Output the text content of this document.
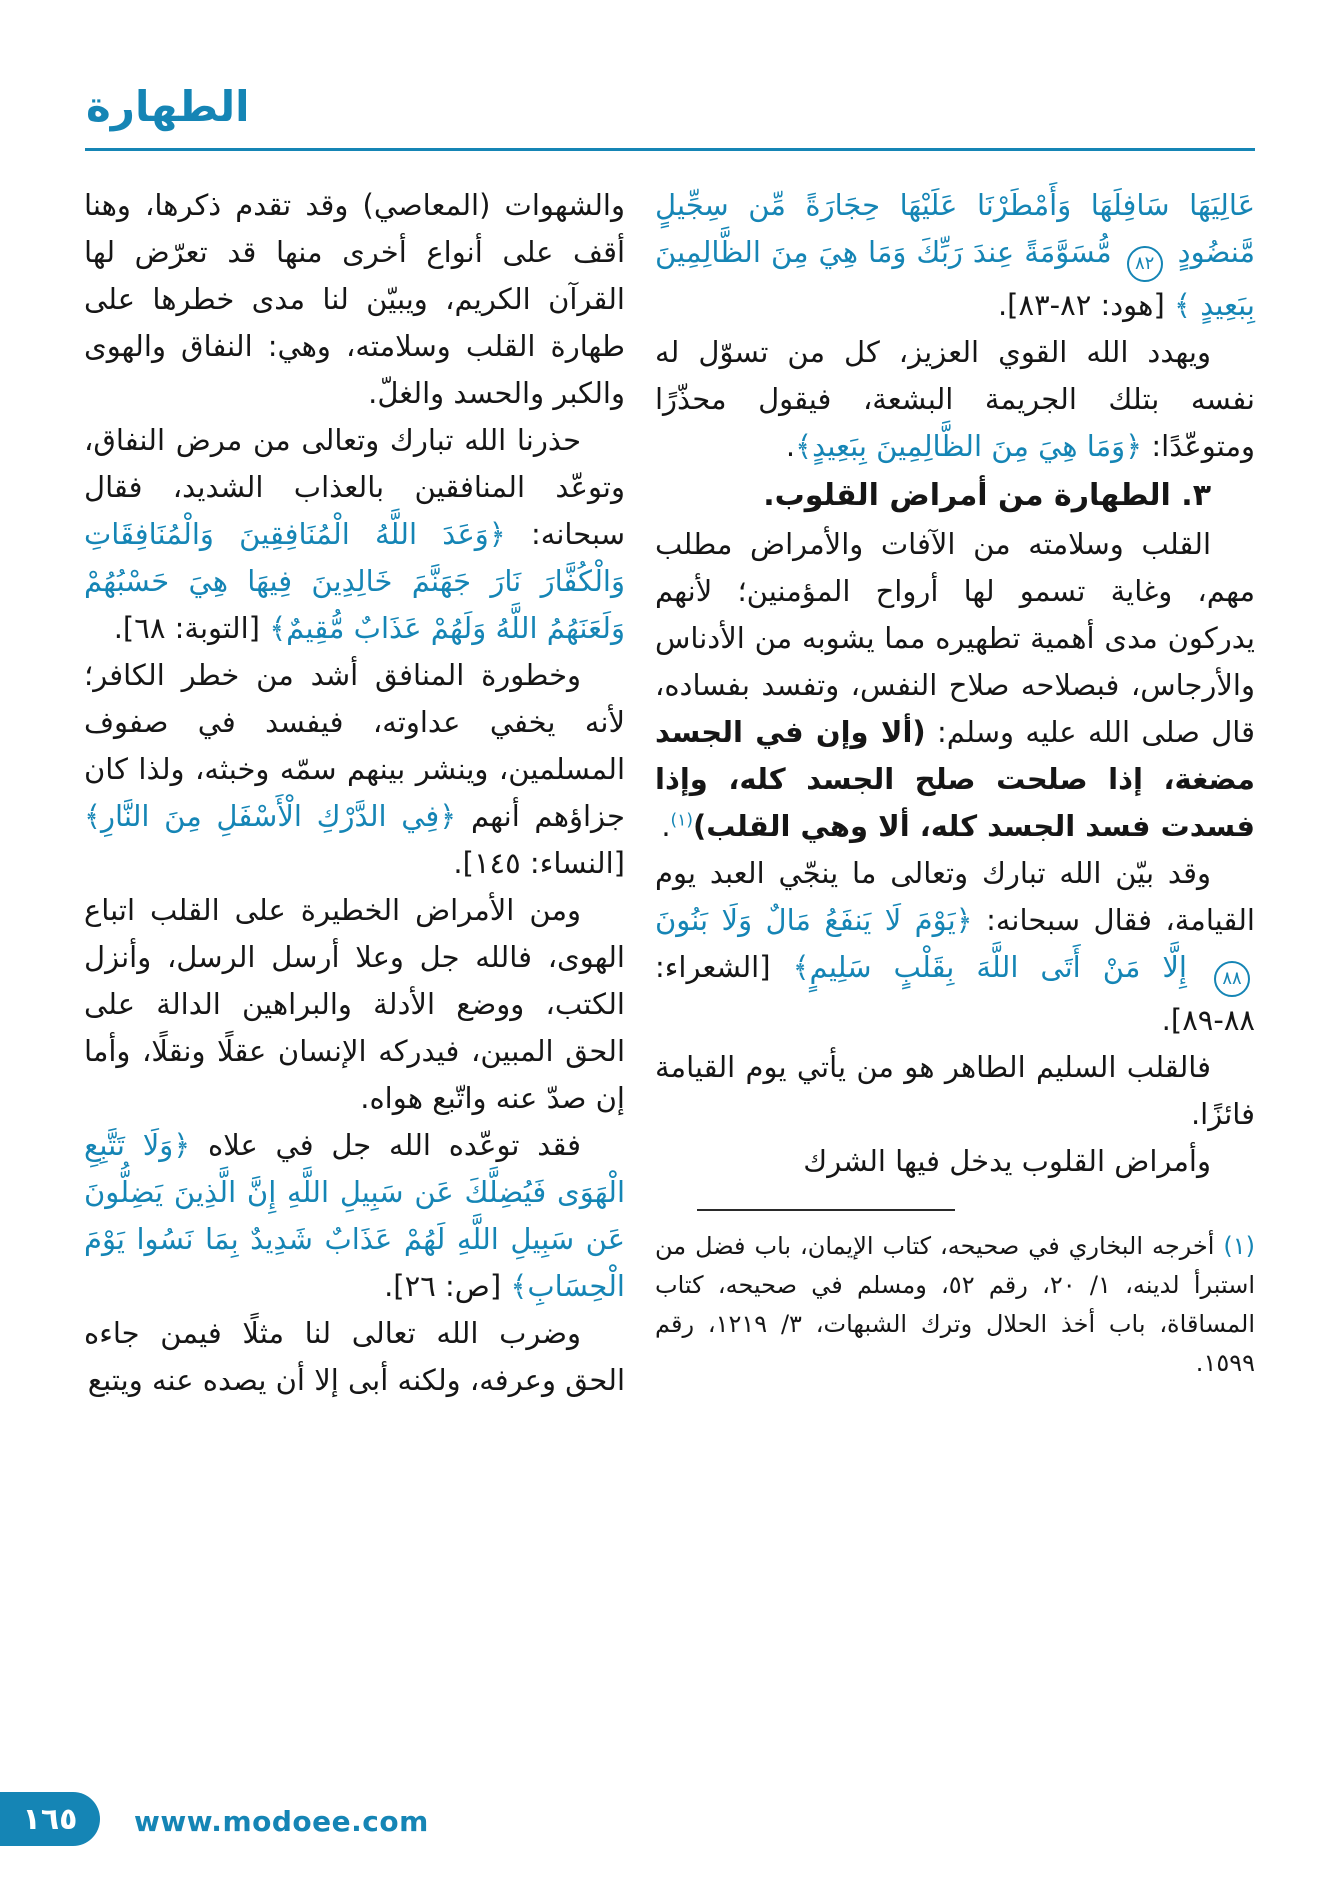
الطهارة

عَالِيَهَا سَافِلَهَا وَأَمْطَرْنَا عَلَيْهَا حِجَارَةً مِّن سِجِّيلٍ مَّنضُودٍ ٨٢ مُّسَوَّمَةً عِندَ رَبِّكَ وَمَا هِيَ مِنَ الظَّالِمِينَ بِبَعِيدٍ ﴾ [هود: ٨٢-٨٣].

ويهدد الله القوي العزيز، كل من تسوّل له نفسه بتلك الجريمة البشعة، فيقول محذّرًا ومتوعّدًا: ﴿وَمَا هِيَ مِنَ الظَّالِمِينَ بِبَعِيدٍ﴾.

٣. الطهارة من أمراض القلوب.

القلب وسلامته من الآفات والأمراض مطلب مهم، وغاية تسمو لها أرواح المؤمنين؛ لأنهم يدركون مدى أهمية تطهيره مما يشوبه من الأدناس والأرجاس، فبصلاحه صلاح النفس، وتفسد بفساده، قال صلى الله عليه وسلم: (ألا وإن في الجسد مضغة، إذا صلحت صلح الجسد كله، وإذا فسدت فسد الجسد كله، ألا وهي القلب)$^{(١)}$.

وقد بيّن الله تبارك وتعالى ما ينجّي العبد يوم القيامة، فقال سبحانه: ﴿يَوْمَ لَا يَنفَعُ مَالٌ وَلَا بَنُونَ ٨٨ إِلَّا مَنْ أَتَى اللَّهَ بِقَلْبٍ سَلِيمٍ﴾ [الشعراء: ٨٨-٨٩].

فالقلب السليم الطاهر هو من يأتي يوم القيامة فائزًا.

وأمراض القلوب يدخل فيها الشرك

(١) أخرجه البخاري في صحيحه، كتاب الإيمان، باب فضل من استبرأ لدينه، ١/ ٢٠، رقم ٥٢، ومسلم في صحيحه، كتاب المساقاة، باب أخذ الحلال وترك الشبهات، ٣/ ١٢١٩، رقم ١٥٩٩.

والشهوات (المعاصي) وقد تقدم ذكرها، وهنا أقف على أنواع أخرى منها قد تعرّض لها القرآن الكريم، ويبيّن لنا مدى خطرها على طهارة القلب وسلامته، وهي: النفاق والهوى والكبر والحسد والغلّ.

حذرنا الله تبارك وتعالى من مرض النفاق، وتوعّد المنافقين بالعذاب الشديد، فقال سبحانه: ﴿وَعَدَ اللَّهُ الْمُنَافِقِينَ وَالْمُنَافِقَاتِ وَالْكُفَّارَ نَارَ جَهَنَّمَ خَالِدِينَ فِيهَا هِيَ حَسْبُهُمْ وَلَعَنَهُمُ اللَّهُ وَلَهُمْ عَذَابٌ مُّقِيمٌ﴾ [التوبة: ٦٨].

وخطورة المنافق أشد من خطر الكافر؛ لأنه يخفي عداوته، فيفسد في صفوف المسلمين، وينشر بينهم سمّه وخبثه، ولذا كان جزاؤهم أنهم ﴿فِي الدَّرْكِ الْأَسْفَلِ مِنَ النَّارِ﴾ [النساء: ١٤٥].

ومن الأمراض الخطيرة على القلب اتباع الهوى، فالله جل وعلا أرسل الرسل، وأنزل الكتب، ووضع الأدلة والبراهين الدالة على الحق المبين، فيدركه الإنسان عقلًا ونقلًا، وأما إن صدّ عنه واتّبع هواه.

فقد توعّده الله جل في علاه ﴿وَلَا تَتَّبِعِ الْهَوَى فَيُضِلَّكَ عَن سَبِيلِ اللَّهِ إِنَّ الَّذِينَ يَضِلُّونَ عَن سَبِيلِ اللَّهِ لَهُمْ عَذَابٌ شَدِيدٌ بِمَا نَسُوا يَوْمَ الْحِسَابِ﴾ [ص: ٢٦].

وضرب الله تعالى لنا مثلًا فيمن جاءه الحق وعرفه، ولكنه أبى إلا أن يصده عنه ويتبع

١٦٥ www.modoee.com
